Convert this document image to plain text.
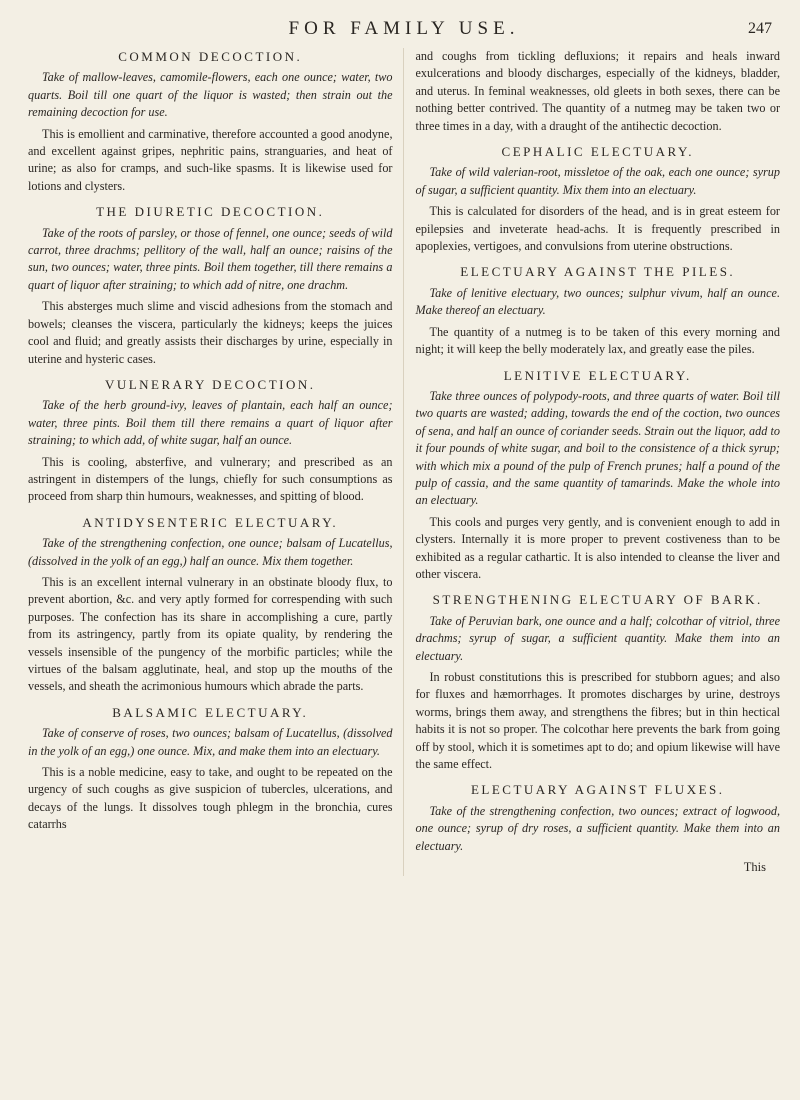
FOR FAMILY USE.	247
COMMON DECOCTION.

Take of mallow-leaves, camomile-flowers, each one ounce; water, two quarts. Boil till one quart of the liquor is wasted; then strain out the remaining decoction for use.

This is emollient and carminative, therefore accounted a good anodyne, and excellent against gripes, nephritic pains, stranguaries, and heat of urine; as also for cramps, and such-like spasms. It is likewise used for lotions and clysters.

THE DIURETIC DECOCTION.

Take of the roots of parsley, or those of fennel, one ounce; seeds of wild carrot, three drachms; pellitory of the wall, half an ounce; raisins of the sun, two ounces; water, three pints. Boil them together, till there remains a quart of liquor after straining; to which add of nitre, one drachm.

This absterges much slime and viscid adhesions from the stomach and bowels; cleanses the viscera, particularly the kidneys; keeps the juices cool and fluid; and greatly assists their discharges by urine, especially in uterine and hysteric cases.

VULNERARY DECOCTION.

Take of the herb ground-ivy, leaves of plantain, each half an ounce; water, three pints. Boil them till there remains a quart of liquor after straining; to which add, of white sugar, half an ounce.

This is cooling, absterfive, and vulnerary; and prescribed as an astringent in distempers of the lungs, chiefly for such consumptions as proceed from sharp thin humours, weaknesses, and spitting of blood.

ANTIDYSENTERIC ELECTUARY.

Take of the strengthening confection, one ounce; balsam of Lucatellus, (dissolved in the yolk of an egg,) half an ounce. Mix them together.

This is an excellent internal vulnerary in an obstinate bloody flux, to prevent abortion, &c. and very aptly formed for correspending with such purposes. The confection has its share in accomplishing a cure, partly from its astringency, partly from its opiate quality, by rendering the vessels insensible of the pungency of the morbific particles; while the virtues of the balsam agglutinate, heal, and stop up the mouths of the vessels, and sheath the acrimonious humours which abrade the parts.

BALSAMIC ELECTUARY.

Take of conserve of roses, two ounces; balsam of Lucatellus, (dissolved in the yolk of an egg,) one ounce. Mix, and make them into an electuary.

This is a noble medicine, easy to take, and ought to be repeated on the urgency of such coughs as give suspicion of tubercles, ulcerations, and decays of the lungs. It dissolves tough phlegm in the bronchia, cures catarrhs

and coughs from tickling defluxions; it repairs and heals inward exulcerations and bloody discharges, especially of the kidneys, bladder, and uterus. In feminal weaknesses, old gleets in both sexes, there can be nothing better contrived. The quantity of a nutmeg may be taken two or three times in a day, with a draught of the antihectic decoction.

CEPHALIC ELECTUARY.

Take of wild valerian-root, missletoe of the oak, each one ounce; syrup of sugar, a sufficient quantity. Mix them into an electuary.

This is calculated for disorders of the head, and is in great esteem for epilepsies and inveterate head-achs. It is frequently prescribed in apoplexies, vertigoes, and convulsions from uterine obstructions.

ELECTUARY AGAINST THE PILES.

Take of lenitive electuary, two ounces; sulphur vivum, half an ounce. Make thereof an electuary.

The quantity of a nutmeg is to be taken of this every morning and night; it will keep the belly moderately lax, and greatly ease the piles.

LENITIVE ELECTUARY.

Take three ounces of polypody-roots, and three quarts of water. Boil till two quarts are wasted; adding, towards the end of the coction, two ounces of sena, and half an ounce of coriander seeds. Strain out the liquor, add to it four pounds of white sugar, and boil to the consistence of a thick syrup; with which mix a pound of the pulp of French prunes; half a pound of the pulp of cassia, and the same quantity of tamarinds. Make the whole into an electuary.

This cools and purges very gently, and is convenient enough to add in clysters. Internally it is more proper to prevent costiveness than to be exhibited as a regular cathartic. It is also intended to cleanse the liver and other viscera.

STRENGTHENING ELECTUARY OF BARK.

Take of Peruvian bark, one ounce and a half; colcothar of vitriol, three drachms; syrup of sugar, a sufficient quantity. Make them into an electuary.

In robust constitutions this is prescribed for stubborn agues; and also for fluxes and hæmorrhages. It promotes discharges by urine, destroys worms, brings them away, and strengthens the fibres; but in thin hectical habits it is not so proper. The colcothar here prevents the bark from going off by stool, which it is sometimes apt to do; and opium likewise will have the same effect.

ELECTUARY AGAINST FLUXES.

Take of the strengthening confection, two ounces; extract of logwood, one ounce; syrup of dry roses, a sufficient quantity. Make them into an electuary.

This
